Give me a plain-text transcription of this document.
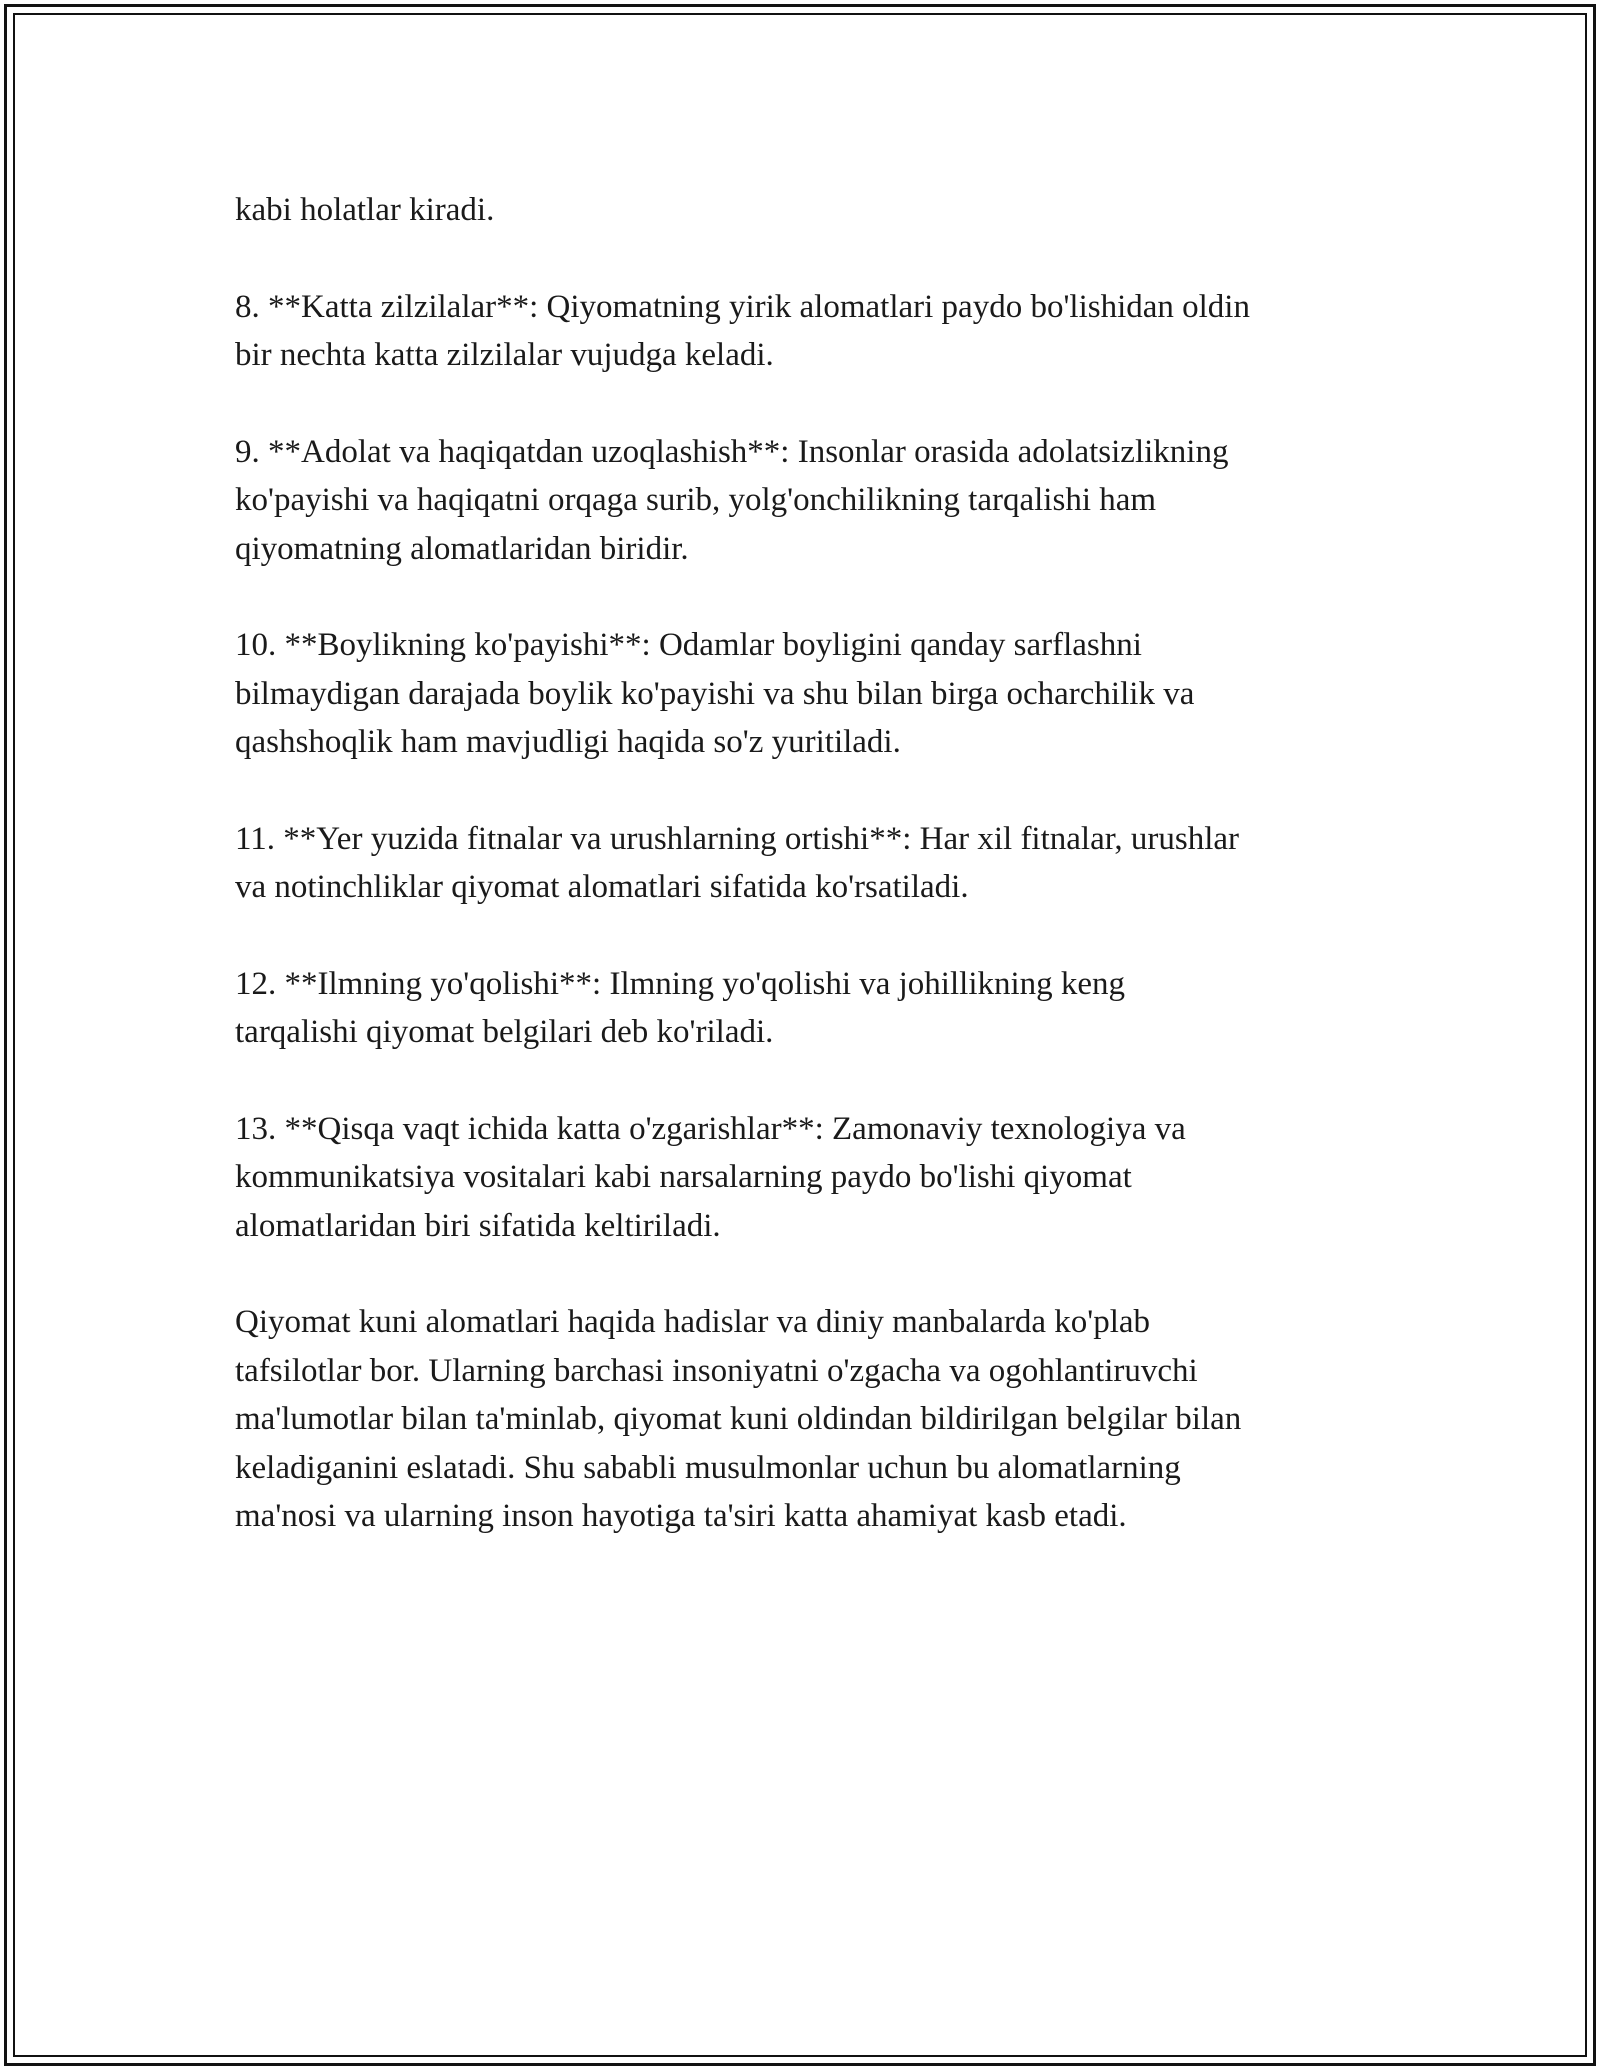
kabi holatlar kiradi.

8. **Katta zilzilalar**: Qiyomatning yirik alomatlari paydo bo'lishidan oldin
bir nechta katta zilzilalar vujudga keladi.

9. **Adolat va haqiqatdan uzoqlashish**: Insonlar orasida adolatsizlikning
ko'payishi va haqiqatni orqaga surib, yolg'onchilikning tarqalishi ham
qiyomatning alomatlaridan biridir.

10. **Boylikning ko'payishi**: Odamlar boyligini qanday sarflashni
bilmaydigan darajada boylik ko'payishi va shu bilan birga ocharchilik va
qashshoqlik ham mavjudligi haqida so'z yuritiladi.

11. **Yer yuzida fitnalar va urushlarning ortishi**: Har xil fitnalar, urushlar
va notinchliklar qiyomat alomatlari sifatida ko'rsatiladi.

12. **Ilmning yo'qolishi**: Ilmning yo'qolishi va johillikning keng
tarqalishi qiyomat belgilari deb ko'riladi.

13. **Qisqa vaqt ichida katta o'zgarishlar**: Zamonaviy texnologiya va
kommunikatsiya vositalari kabi narsalarning paydo bo'lishi qiyomat
alomatlaridan biri sifatida keltiriladi.

Qiyomat kuni alomatlari haqida hadislar va diniy manbalarda ko'plab
tafsilotlar bor. Ularning barchasi insoniyatni o'zgacha va ogohlantiruvchi
ma'lumotlar bilan ta'minlab, qiyomat kuni oldindan bildirilgan belgilar bilan
keladiganini eslatadi. Shu sababli musulmonlar uchun bu alomatlarning
ma'nosi va ularning inson hayotiga ta'siri katta ahamiyat kasb etadi.
